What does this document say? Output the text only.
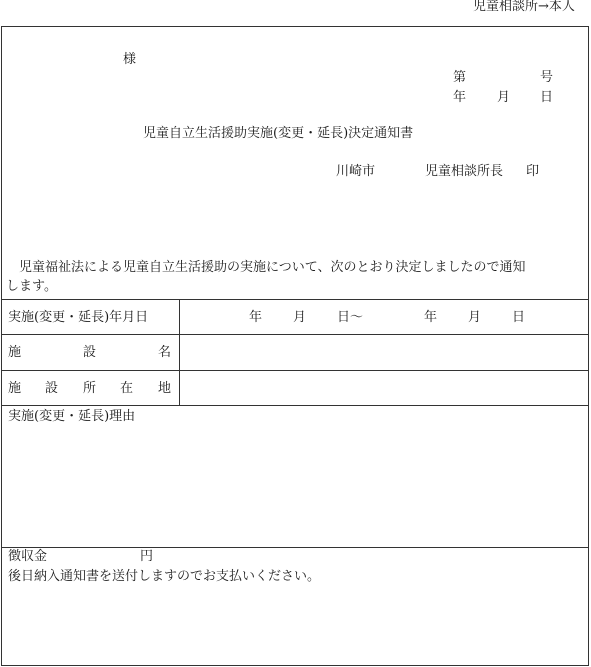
児童相談所→本人
様
第	号
年 月 日
児童自立生活援助実施(変更・延長)決定通知書
川崎市	児童相談所長 印
児童福祉法による児童自立生活援助の実施について、次のとおり決定しましたので通知
します。
実施(変更・延長)年月日	年 月 日〜	年 月 日
施	設	名
施 設 所 在 地
実施(変更・延長)理由
徴収金	円
後日納入通知書を送付しますのでお支払いください。
